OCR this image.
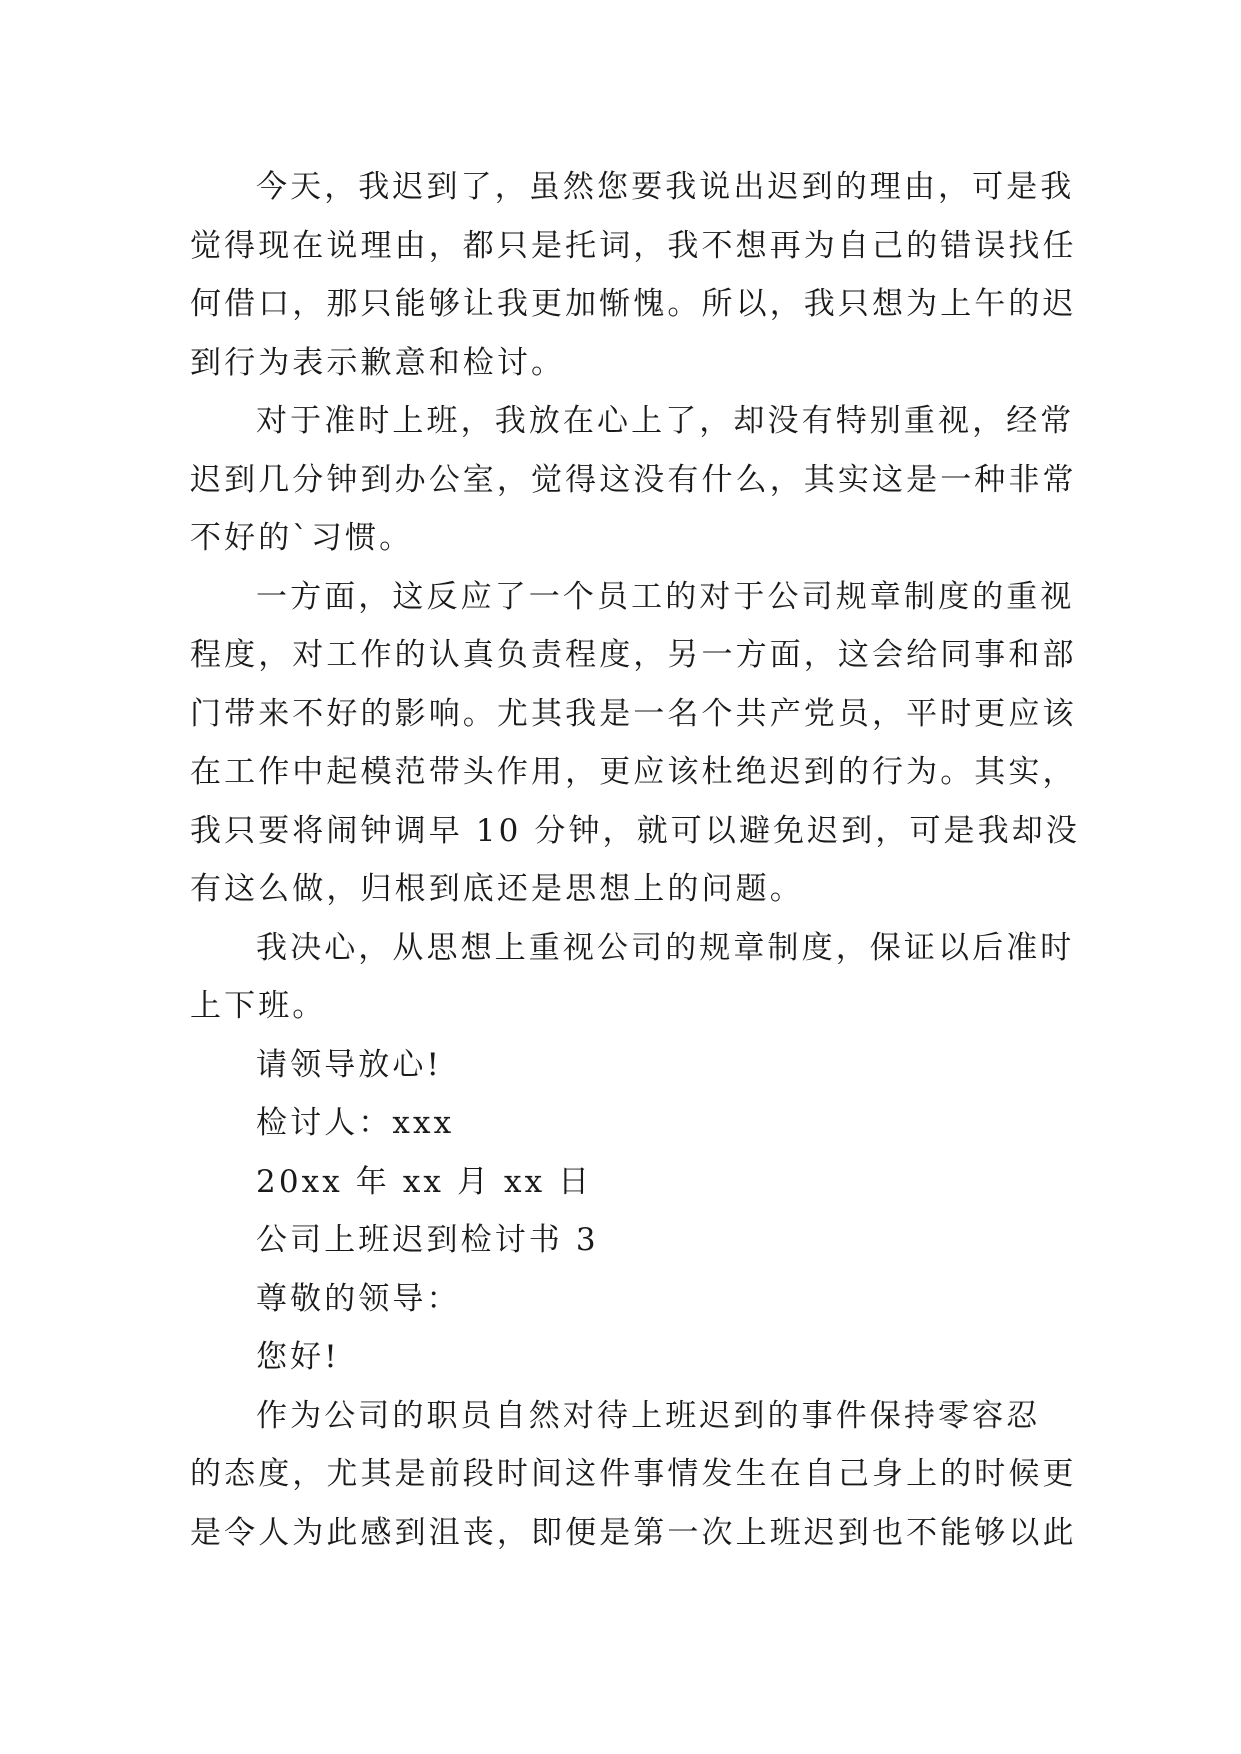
今天，我迟到了，虽然您要我说出迟到的理由，可是我
觉得现在说理由，都只是托词，我不想再为自己的错误找任
何借口，那只能够让我更加惭愧。所以，我只想为上午的迟
到行为表示歉意和检讨。
对于准时上班，我放在心上了，却没有特别重视，经常
迟到几分钟到办公室，觉得这没有什么，其实这是一种非常
不好的`习惯。
一方面，这反应了一个员工的对于公司规章制度的重视
程度，对工作的认真负责程度，另一方面，这会给同事和部
门带来不好的影响。尤其我是一名个共产党员，平时更应该
在工作中起模范带头作用，更应该杜绝迟到的行为。其实，
我只要将闹钟调早 10 分钟，就可以避免迟到，可是我却没
有这么做，归根到底还是思想上的问题。
我决心，从思想上重视公司的规章制度，保证以后准时
上下班。
请领导放心!
检讨人：xxx
20xx 年 xx 月 xx 日
公司上班迟到检讨书 3
尊敬的领导：
您好!
作为公司的职员自然对待上班迟到的事件保持零容忍
的态度，尤其是前段时间这件事情发生在自己身上的时候更
是令人为此感到沮丧，即便是第一次上班迟到也不能够以此
